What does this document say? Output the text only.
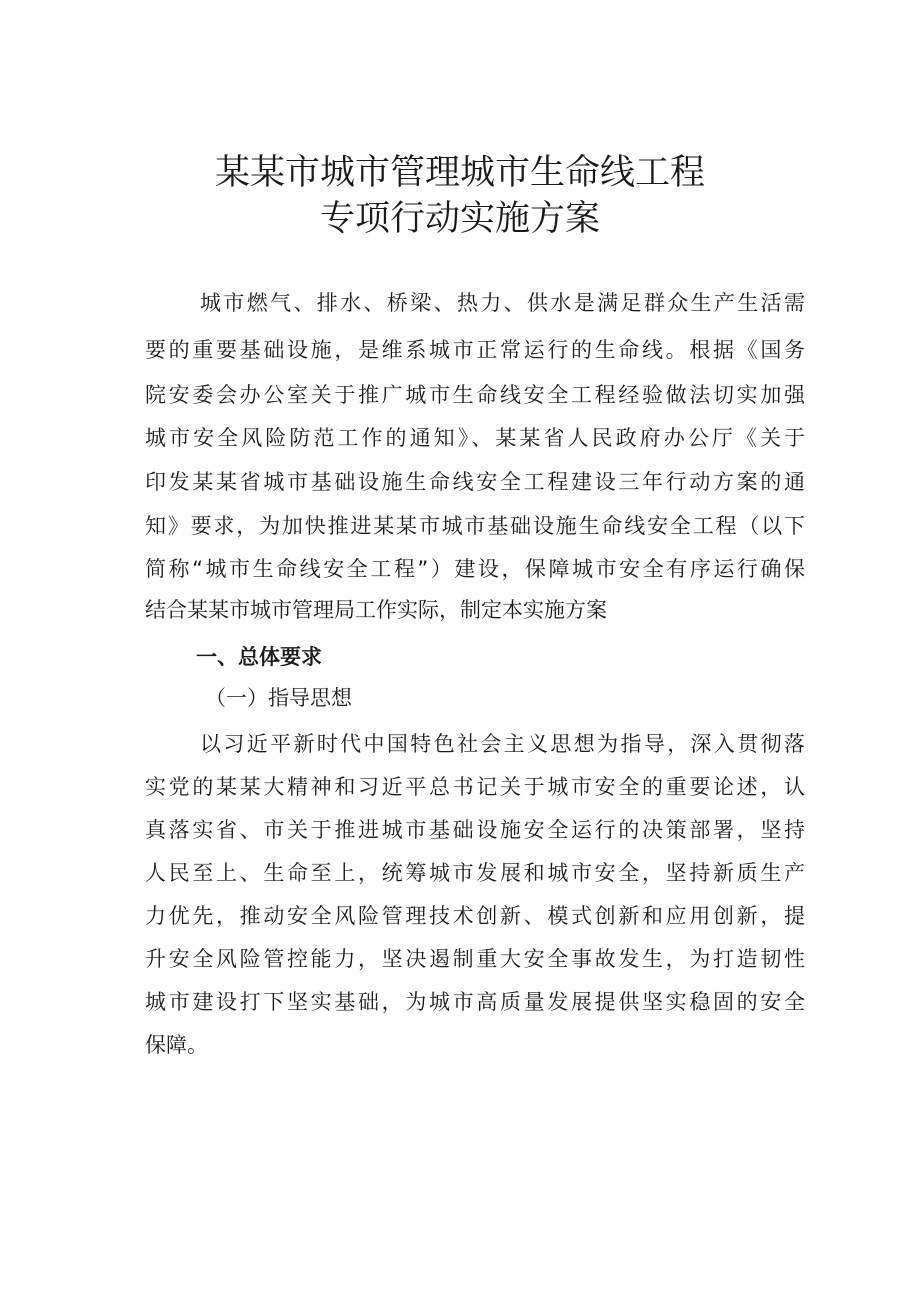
某某市城市管理城市生命线工程
专项行动实施方案
城市燃气、排水、桥梁、热力、供水是满足群众生产生活需
要的重要基础设施，是维系城市正常运行的生命线。根据《国务
院安委会办公室关于推广城市生命线安全工程经验做法切实加强
城市安全风险防范工作的通知》、某某省人民政府办公厅《关于
印发某某省城市基础设施生命线安全工程建设三年行动方案的通
知》要求，为加快推进某某市城市基础设施生命线安全工程（以下
简称“城市生命线安全工程”）建设，保障城市安全有序运行确保
结合某某市城市管理局工作实际，制定本实施方案
一、总体要求
（一）指导思想
以习近平新时代中国特色社会主义思想为指导，深入贯彻落
实党的某某大精神和习近平总书记关于城市安全的重要论述，认
真落实省、市关于推进城市基础设施安全运行的决策部署，坚持
人民至上、生命至上，统筹城市发展和城市安全，坚持新质生产
力优先，推动安全风险管理技术创新、模式创新和应用创新，提
升安全风险管控能力，坚决遏制重大安全事故发生，为打造韧性
城市建设打下坚实基础，为城市高质量发展提供坚实稳固的安全
保障。
